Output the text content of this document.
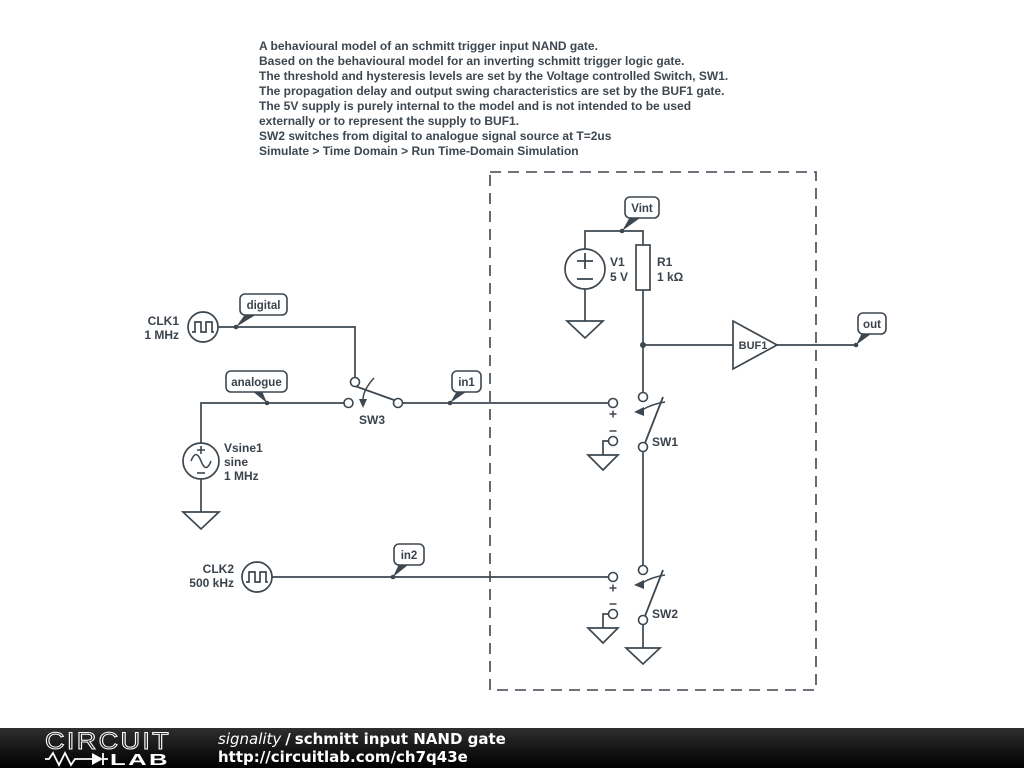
A behavioural model of an schmitt trigger input NAND gate.
Based on the behavioural model for an inverting schmitt trigger logic gate.
The threshold and hysteresis levels are set by the Voltage controlled Switch, SW1.
The propagation delay and output swing characteristics are set by the BUF1 gate.
The 5V supply is purely internal to the model and is not intended to be used
externally or to represent the supply to BUF1.
SW2 switches from digital to analogue signal source at T=2us
Simulate > Time Domain > Run Time-Domain Simulation
CLK1
1 MHz
CLK2
500 kHz
Vsine1
sine
1 MHz
V1
5 V
R1
1 kΩ
SW3
SW1
SW2
BUF1
digital
analogue	in1
in2
Vint
out
CIRCUIT
LAB
signality / schmitt input NAND gate
http://circuitlab.com/ch7q43e
